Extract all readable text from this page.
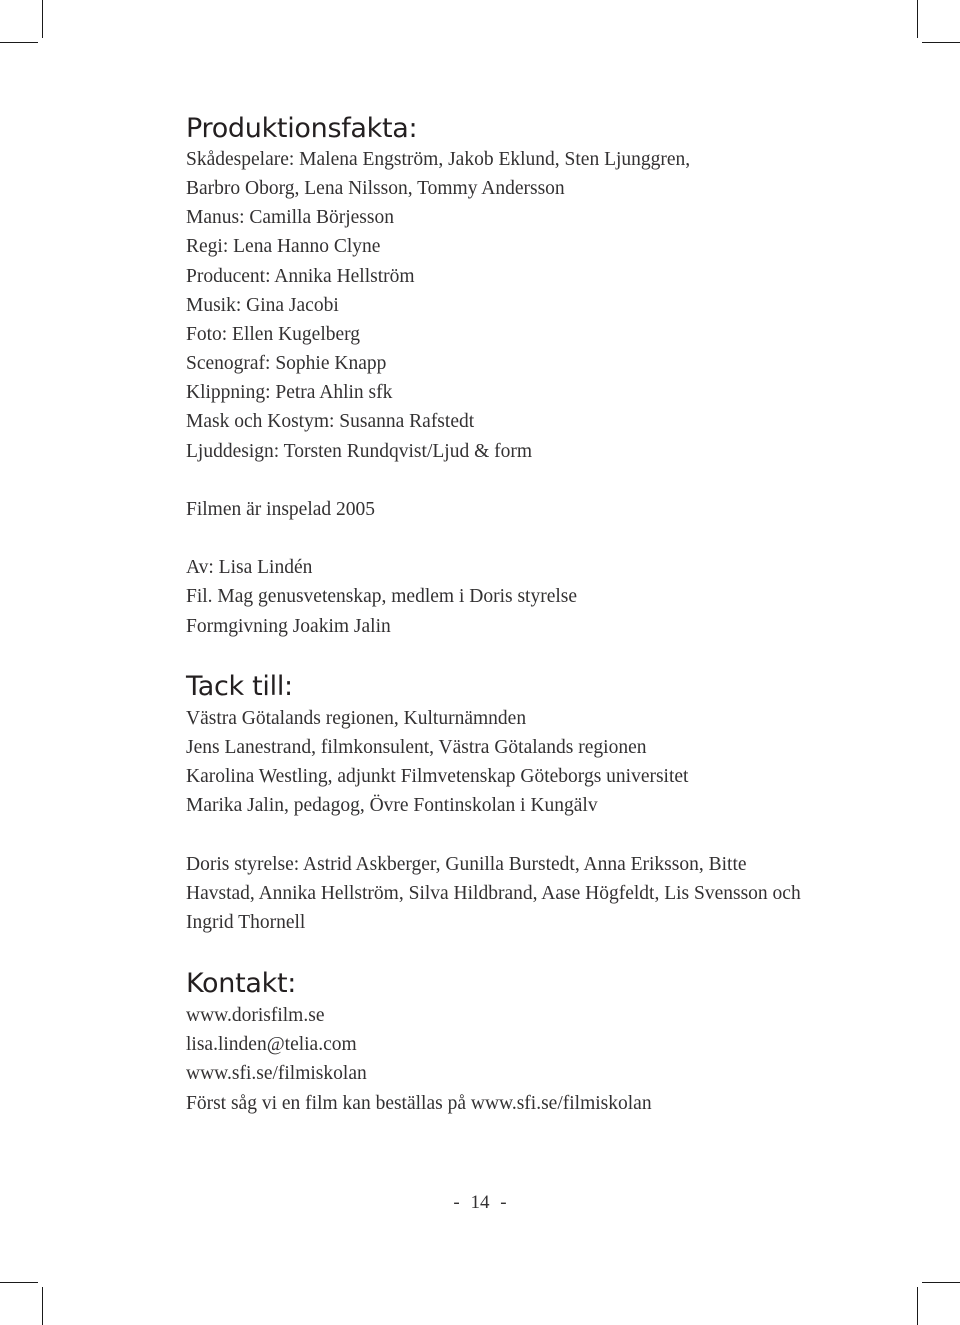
Produktionsfakta:
Skådespelare: Malena Engström, Jakob Eklund, Sten Ljunggren,
Barbro Oborg, Lena Nilsson, Tommy Andersson
Manus: Camilla Börjesson
Regi: Lena Hanno Clyne
Producent: Annika Hellström
Musik: Gina Jacobi
Foto: Ellen Kugelberg
Scenograf: Sophie Knapp
Klippning: Petra Ahlin sfk
Mask och Kostym: Susanna Rafstedt
Ljuddesign: Torsten Rundqvist/Ljud & form
Filmen är inspelad 2005
Av: Lisa Lindén
Fil. Mag genusvetenskap, medlem i Doris styrelse
Formgivning Joakim Jalin
Tack till:
Västra Götalands regionen, Kulturnämnden
Jens Lanestrand, filmkonsulent, Västra Götalands regionen
Karolina Westling, adjunkt Filmvetenskap Göteborgs universitet
Marika Jalin, pedagog, Övre Fontinskolan i Kungälv
Doris styrelse: Astrid Askberger, Gunilla Burstedt, Anna Eriksson, Bitte
Havstad, Annika Hellström, Silva Hildbrand, Aase Högfeldt, Lis Svensson och
Ingrid Thornell
Kontakt:
www.dorisfilm.se
lisa.linden@telia.com
www.sfi.se/filmiskolan
Först såg vi en film kan beställas på www.sfi.se/filmiskolan
- 14 -
